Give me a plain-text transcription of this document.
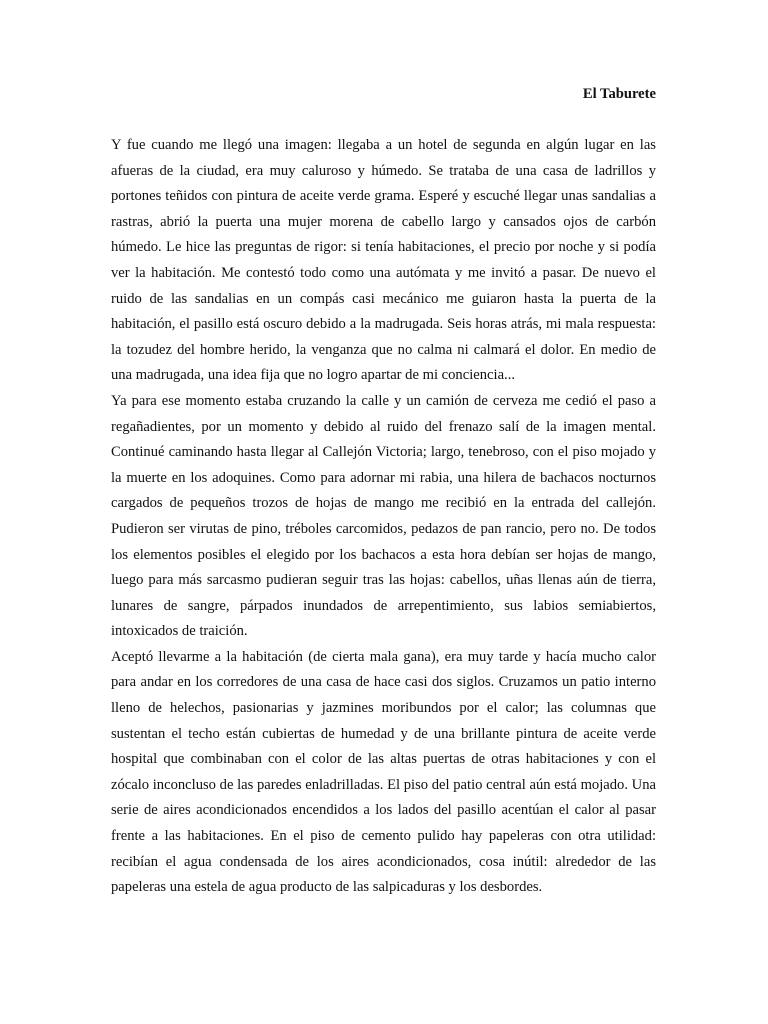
El Taburete

Y fue cuando me llegó una imagen: llegaba a un hotel de segunda en algún lugar en las afueras de la ciudad, era muy caluroso y húmedo. Se trataba de una casa de ladrillos y portones teñidos con pintura de aceite verde grama. Esperé y escuché llegar unas sandalias a rastras, abrió la puerta una mujer morena de cabello largo y cansados ojos de carbón húmedo. Le hice las preguntas de rigor: si tenía habitaciones, el precio por noche y si podía ver la habitación. Me contestó todo como una autómata y me invitó a pasar. De nuevo el ruido de las sandalias en un compás casi mecánico me guiaron hasta la puerta de la habitación, el pasillo está oscuro debido a la madrugada. Seis horas atrás, mi mala respuesta: la tozudez del hombre herido, la venganza que no calma ni calmará el dolor. En medio de una madrugada, una idea fija que no logro apartar de mi conciencia...

Ya para ese momento estaba cruzando la calle y un camión de cerveza me cedió el paso a regañadientes, por un momento y debido al ruido del frenazo salí de la imagen mental. Continué caminando hasta llegar al Callejón Victoria; largo, tenebroso, con el piso mojado y la muerte en los adoquines. Como para adornar mi rabia, una hilera de bachacos nocturnos cargados de pequeños trozos de hojas de mango me recibió en la entrada del callejón. Pudieron ser virutas de pino, tréboles carcomidos, pedazos de pan rancio, pero no. De todos los elementos posibles el elegido por los bachacos a esta hora debían ser hojas de mango, luego para más sarcasmo pudieran seguir tras las hojas: cabellos, uñas llenas aún de tierra, lunares de sangre, párpados inundados de arrepentimiento, sus labios semiabiertos, intoxicados de traición.

Aceptó llevarme a la habitación (de cierta mala gana), era muy tarde y hacía mucho calor para andar en los corredores de una casa de hace casi dos siglos. Cruzamos un patio interno lleno de helechos, pasionarias y jazmines moribundos por el calor; las columnas que sustentan el techo están cubiertas de humedad y de una brillante pintura de aceite verde hospital que combinaban con el color de las altas puertas de otras habitaciones y con el zócalo inconcluso de las paredes enladrilladas. El piso del patio central aún está mojado. Una serie de aires acondicionados encendidos a los lados del pasillo acentúan el calor al pasar frente a las habitaciones. En el piso de cemento pulido hay papeleras con otra utilidad: recibían el agua condensada de los aires acondicionados, cosa inútil: alrededor de las papeleras una estela de agua producto de las salpicaduras y los desbordes.
